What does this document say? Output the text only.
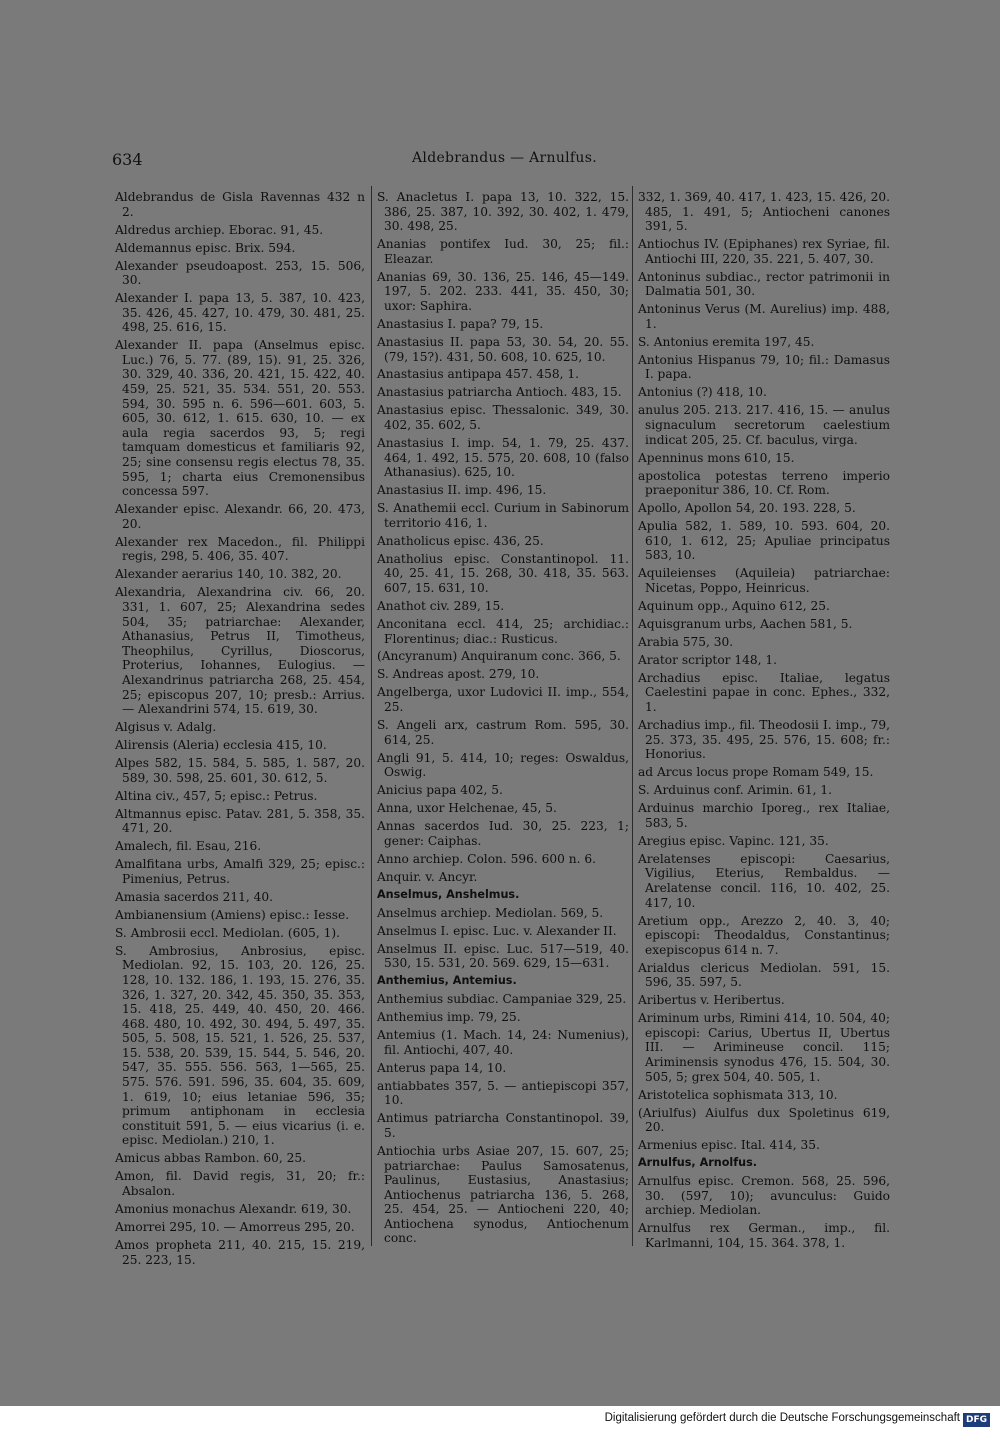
634	Aldebrandus — Arnulfus.

Aldebrandus de Gisla Ravennas 432 n 2.

Aldredus archiep. Eborac. 91, 45.

Aldemannus episc. Brix. 594.

Alexander pseudoapost. 253, 15. 506, 30.

Alexander I. papa 13, 5. 387, 10. 423, 35. 426, 45. 427, 10. 479, 30. 481, 25. 498, 25. 616, 15.

Alexander II. papa (Anselmus episc. Luc.) 76, 5. 77. (89, 15). 91, 25. 326, 30. 329, 40. 336, 20. 421, 15. 422, 40. 459, 25. 521, 35. 534. 551, 20. 553. 594, 30. 595 n. 6. 596—601. 603, 5. 605, 30. 612, 1. 615. 630, 10. — ex aula regia sacerdos 93, 5; regi tamquam domesticus et familiaris 92, 25; sine consensu regis electus 78, 35. 595, 1; charta eius Cremonensibus concessa 597.

Alexander episc. Alexandr. 66, 20. 473, 20.

Alexander rex Macedon., fil. Philippi regis, 298, 5. 406, 35. 407.

Alexander aerarius 140, 10. 382, 20.

Alexandria, Alexandrina civ. 66, 20. 331, 1. 607, 25; Alexandrina sedes 504, 35; patriarchae: Alexander, Athanasius, Petrus II, Timotheus, Theophilus, Cyrillus, Dioscorus, Proterius, Iohannes, Eulogius. — Alexandrinus patriarcha 268, 25. 454, 25; episcopus 207, 10; presb.: Arrius. — Alexandrini 574, 15. 619, 30.

Algisus v. Adalg.

Alirensis (Aleria) ecclesia 415, 10.

Alpes 582, 15. 584, 5. 585, 1. 587, 20. 589, 30. 598, 25. 601, 30. 612, 5.

Altina civ., 457, 5; episc.: Petrus.

Altmannus episc. Patav. 281, 5. 358, 35. 471, 20.

Amalech, fil. Esau, 216.

Amalfitana urbs, Amalfi 329, 25; episc.: Pimenius, Petrus.

Amasia sacerdos 211, 40.

Ambianensium (Amiens) episc.: Iesse.

S. Ambrosii eccl. Mediolan. (605, 1).

S. Ambrosius, Anbrosius, episc. Mediolan. 92, 15. 103, 20. 126, 25. 128, 10. 132. 186, 1. 193, 15. 276, 35. 326, 1. 327, 20. 342, 45. 350, 35. 353, 15. 418, 25. 449, 40. 450, 20. 466. 468. 480, 10. 492, 30. 494, 5. 497, 35. 505, 5. 508, 15. 521, 1. 526, 25. 537, 15. 538, 20. 539, 15. 544, 5. 546, 20. 547, 35. 555. 556. 563, 1—565, 25. 575. 576. 591. 596, 35. 604, 35. 609, 1. 619, 10; eius letaniae 596, 35; primum antiphonam in ecclesia constituit 591, 5. — eius vicarius (i. e. episc. Mediolan.) 210, 1.

Amicus abbas Rambon. 60, 25.

Amon, fil. David regis, 31, 20; fr.: Absalon.

Amonius monachus Alexandr. 619, 30.

Amorrei 295, 10. — Amorreus 295, 20.

Amos propheta 211, 40. 215, 15. 219, 25. 223, 15.

S. Anacletus I. papa 13, 10. 322, 15. 386, 25. 387, 10. 392, 30. 402, 1. 479, 30. 498, 25.

Ananias pontifex Iud. 30, 25; fil.: Eleazar.

Ananias 69, 30. 136, 25. 146, 45—149. 197, 5. 202. 233. 441, 35. 450, 30; uxor: Saphira.

Anastasius I. papa? 79, 15.

Anastasius II. papa 53, 30. 54, 20. 55. (79, 15?). 431, 50. 608, 10. 625, 10.

Anastasius antipapa 457. 458, 1.

Anastasius patriarcha Antioch. 483, 15.

Anastasius episc. Thessalonic. 349, 30. 402, 35. 602, 5.

Anastasius I. imp. 54, 1. 79, 25. 437. 464, 1. 492, 15. 575, 20. 608, 10 (falso Athanasius). 625, 10.

Anastasius II. imp. 496, 15.

S. Anathemii eccl. Curium in Sabinorum territorio 416, 1.

Anatholicus episc. 436, 25.

Anatholius episc. Constantinopol. 11. 40, 25. 41, 15. 268, 30. 418, 35. 563. 607, 15. 631, 10.

Anathot civ. 289, 15.

Anconitana eccl. 414, 25; archidiac.: Florentinus; diac.: Rusticus.

(Ancyranum) Anquiranum conc. 366, 5.

S. Andreas apost. 279, 10.

Angelberga, uxor Ludovici II. imp., 554, 25.

S. Angeli arx, castrum Rom. 595, 30. 614, 25.

Angli 91, 5. 414, 10; reges: Oswaldus, Oswig.

Anicius papa 402, 5.

Anna, uxor Helchenae, 45, 5.

Annas sacerdos Iud. 30, 25. 223, 1; gener: Caiphas.

Anno archiep. Colon. 596. 600 n. 6.

Anquir. v. Ancyr.

Anselmus, Anshelmus.

Anselmus archiep. Mediolan. 569, 5.

Anselmus I. episc. Luc. v. Alexander II.

Anselmus II. episc. Luc. 517—519, 40. 530, 15. 531, 20. 569. 629, 15—631.

Anthemius, Antemius.

Anthemius subdiac. Campaniae 329, 25.

Anthemius imp. 79, 25.

Antemius (1. Mach. 14, 24: Numenius), fil. Antiochi, 407, 40.

Anterus papa 14, 10.

antiabbates 357, 5. — antiepiscopi 357, 10.

Antimus patriarcha Constantinopol. 39, 5.

Antiochia urbs Asiae 207, 15. 607, 25; patriarchae: Paulus Samosatenus, Paulinus, Eustasius, Anastasius; Antiochenus patriarcha 136, 5. 268, 25. 454, 25. — Antiocheni 220, 40; Antiochena synodus, Antiochenum conc.

332, 1. 369, 40. 417, 1. 423, 15. 426, 20. 485, 1. 491, 5; Antiocheni canones 391, 5.

Antiochus IV. (Epiphanes) rex Syriae, fil. Antiochi III, 220, 35. 221, 5. 407, 30.

Antoninus subdiac., rector patrimonii in Dalmatia 501, 30.

Antoninus Verus (M. Aurelius) imp. 488, 1.

S. Antonius eremita 197, 45.

Antonius Hispanus 79, 10; fil.: Damasus I. papa.

Antonius (?) 418, 10.

anulus 205. 213. 217. 416, 15. — anulus signaculum secretorum caelestium indicat 205, 25. Cf. baculus, virga.

Apenninus mons 610, 15.

apostolica potestas terreno imperio praeponitur 386, 10. Cf. Rom.

Apollo, Apollon 54, 20. 193. 228, 5.

Apulia 582, 1. 589, 10. 593. 604, 20. 610, 1. 612, 25; Apuliae principatus 583, 10.

Aquileienses (Aquileia) patriarchae: Nicetas, Poppo, Heinricus.

Aquinum opp., Aquino 612, 25.

Aquisgranum urbs, Aachen 581, 5.

Arabia 575, 30.

Arator scriptor 148, 1.

Archadius episc. Italiae, legatus Caelestini papae in conc. Ephes., 332, 1.

Archadius imp., fil. Theodosii I. imp., 79, 25. 373, 35. 495, 25. 576, 15. 608; fr.: Honorius.

ad Arcus locus prope Romam 549, 15.

S. Arduinus conf. Arimin. 61, 1.

Arduinus marchio Iporeg., rex Italiae, 583, 5.

Aregius episc. Vapinc. 121, 35.

Arelatenses episcopi: Caesarius, Vigilius, Eterius, Rembaldus. — Arelatense concil. 116, 10. 402, 25. 417, 10.

Aretium opp., Arezzo 2, 40. 3, 40; episcopi: Theodaldus, Constantinus; exepiscopus 614 n. 7.

Arialdus clericus Mediolan. 591, 15. 596, 35. 597, 5.

Aribertus v. Heribertus.

Ariminum urbs, Rimini 414, 10. 504, 40; episcopi: Carius, Ubertus II, Ubertus III. — Arimineuse concil. 115; Ariminensis synodus 476, 15. 504, 30. 505, 5; grex 504, 40. 505, 1.

Aristotelica sophismata 313, 10.

(Ariulfus) Aiulfus dux Spoletinus 619, 20.

Armenius episc. Ital. 414, 35.

Arnulfus, Arnolfus.

Arnulfus episc. Cremon. 568, 25. 596, 30. (597, 10); avunculus: Guido archiep. Mediolan.

Arnulfus rex German., imp., fil. Karlmanni, 104, 15. 364. 378, 1.

Digitalisierung gefördert durch die Deutsche Forschungsgemeinschaft DFG
